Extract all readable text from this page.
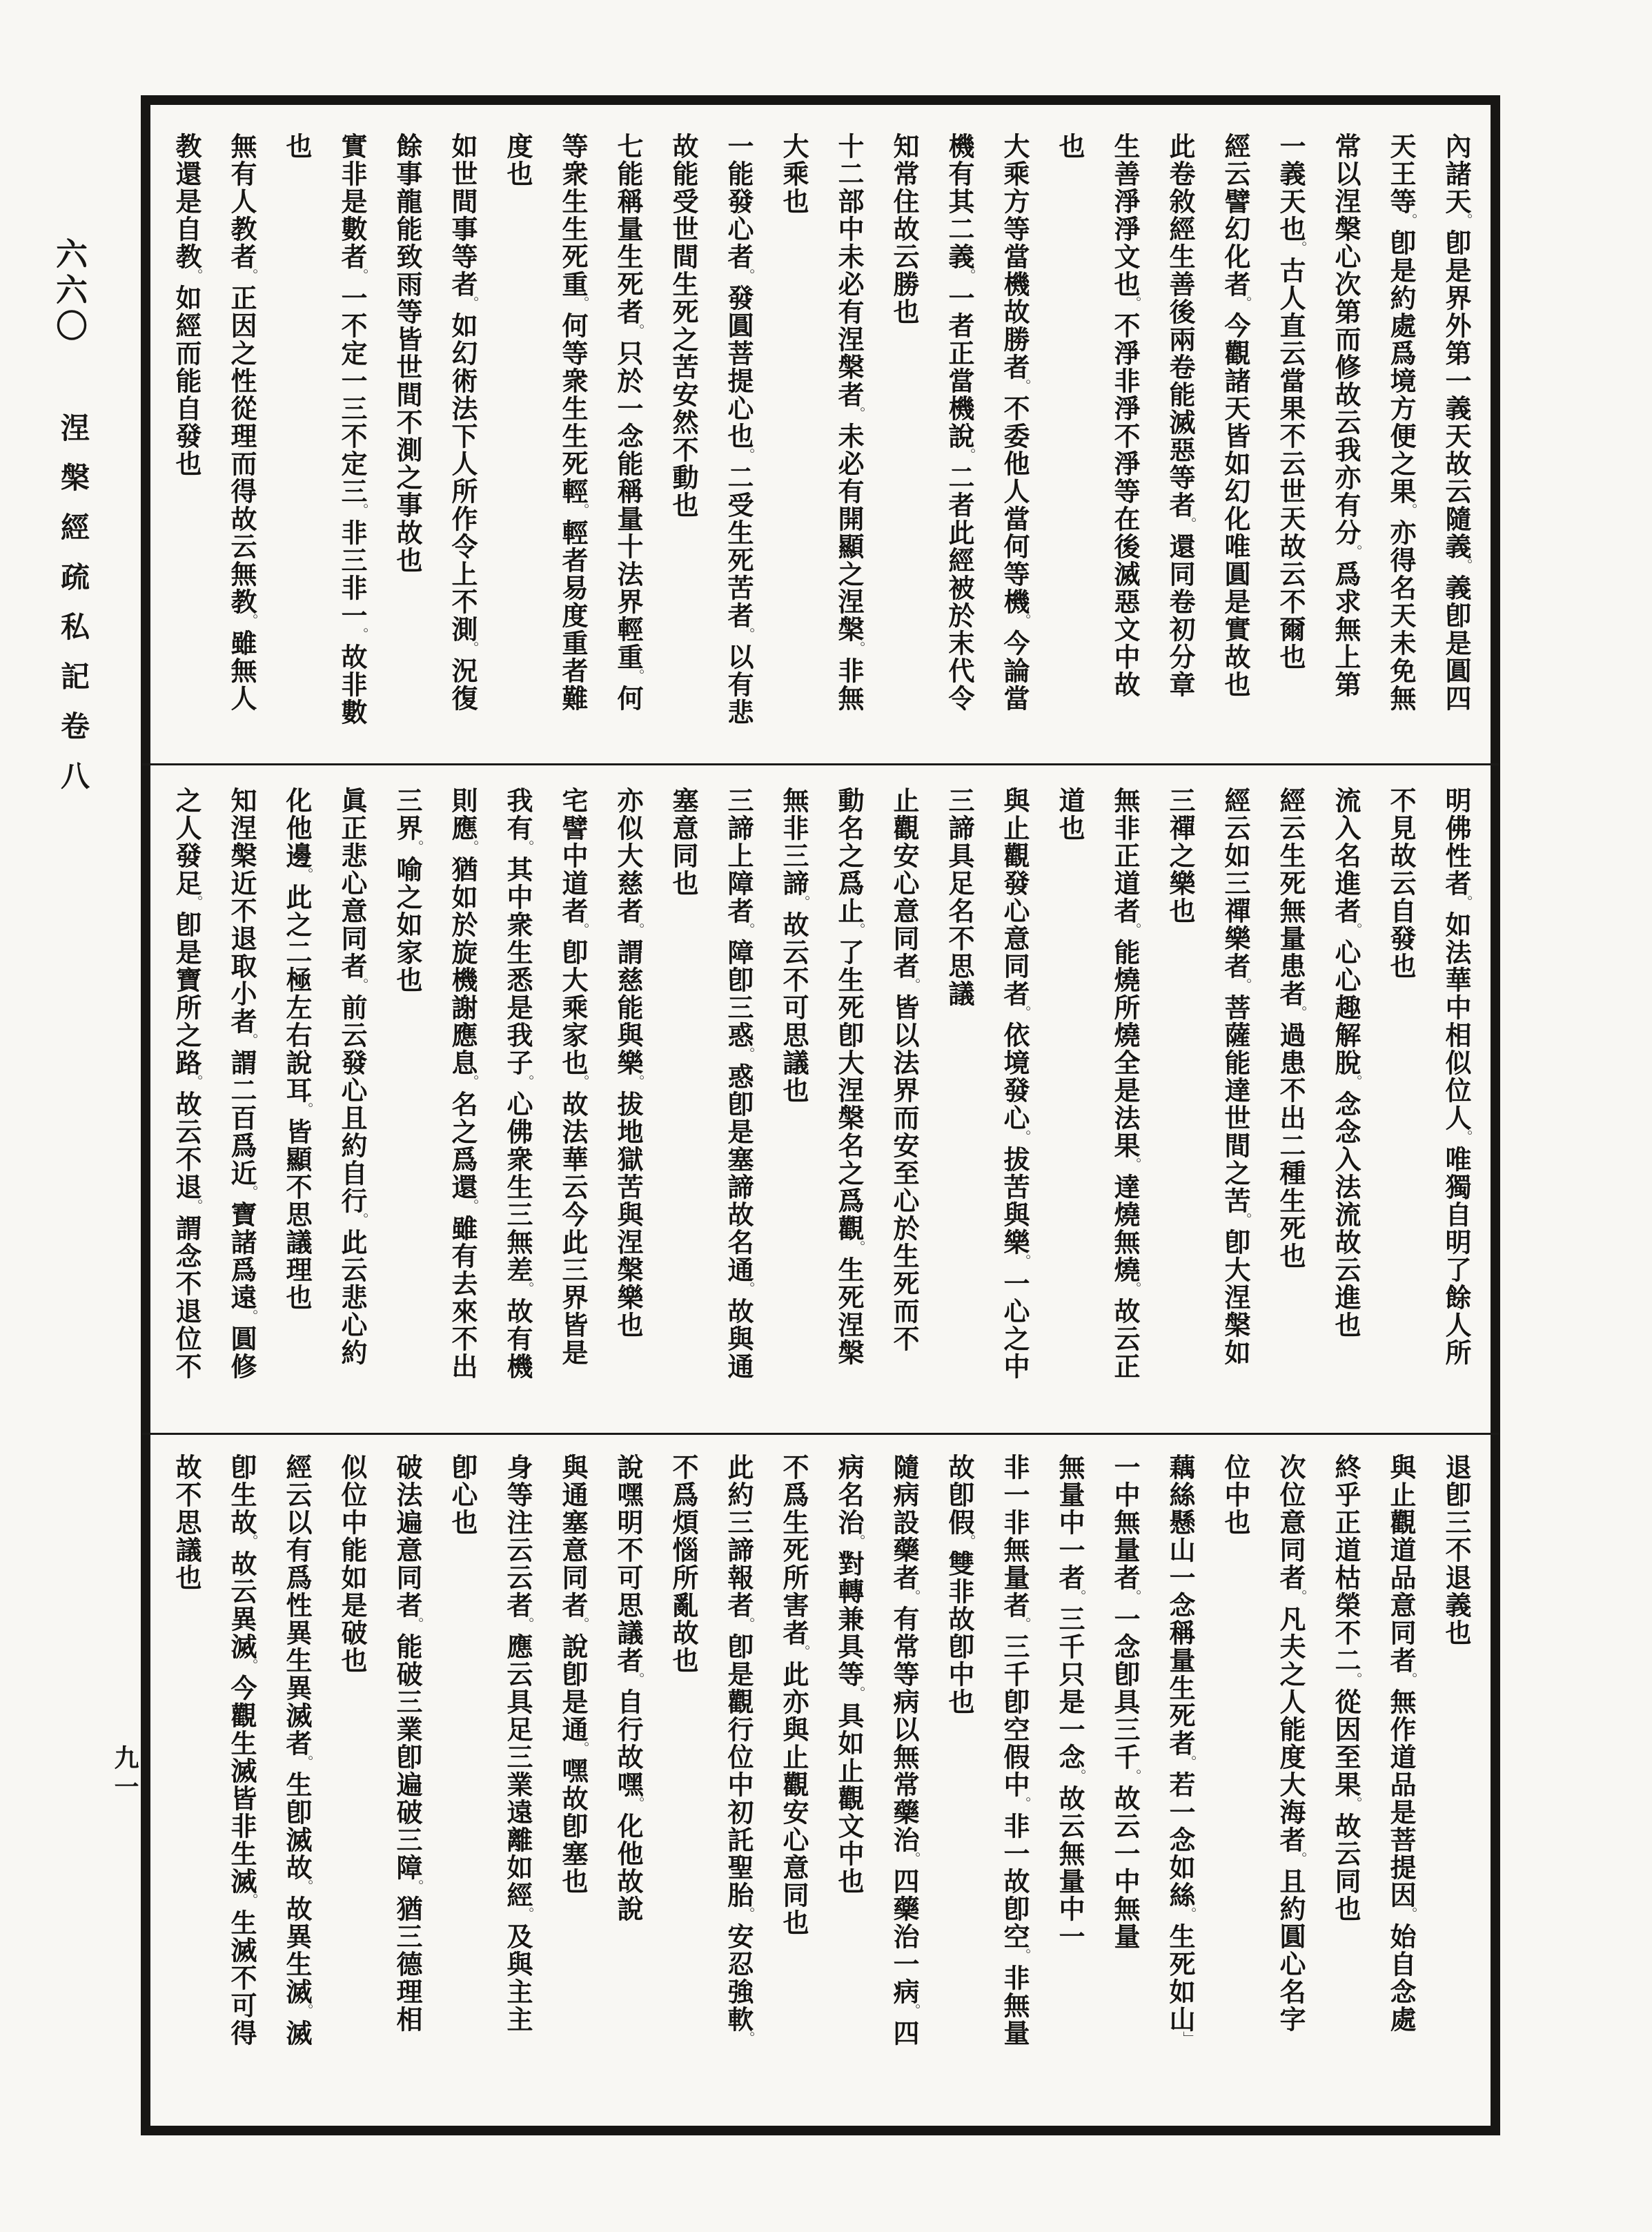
六六〇
涅槃經疏私記卷八
九一
內諸天。卽是界外第一義天故云隨義。義卽是圓四
天王等。卽是約處爲境方便之果。亦得名天未免無
常以涅槃心次第而修故云我亦有分。爲求無上第
一義天也。古人直云當果不云世天故云不爾也
經云譬幻化者。今觀諸天皆如幻化唯圓是實故也
此卷敘經生善後兩卷能滅惡等者。還同卷初分章
生善淨淨文也。不淨非淨不淨等在後滅惡文中故
也
大乘方等當機故勝者。不委他人當何等機。今論當
機有其二義。一者正當機說。二者此經被於末代令
知常住故云勝也
十二部中未必有涅槃者。未必有開顯之涅槃。非無
大乘也
一能發心者。發圓菩提心也。二受生死苦者。以有悲
故能受世間生死之苦安然不動也
七能稱量生死者。只於一念能稱量十法界輕重。何
等衆生生死重。何等衆生生死輕。輕者易度重者難
度也
如世間事等者。如幻術法下人所作令上不測。況復
餘事龍能致雨等皆世間不測之事故也
實非是數者。一不定一三不定三。非三非一。故非數
也
無有人教者。正因之性從理而得故云無教。雖無人
教還是自教。如經而能自發也
明佛性者。如法華中相似位人。唯獨自明了餘人所
不見故云自發也
流入名進者。心心趣解脫。念念入法流故云進也
經云生死無量患者。過患不出二種生死也
經云如三禪樂者。菩薩能達世間之苦。卽大涅槃如
三禪之樂也
無非正道者。能燒所燒全是法果。達燒無燒。故云正
道也
與止觀發心意同者。依境發心。拔苦與樂。一心之中
三諦具足名不思議
止觀安心意同者。皆以法界而安至心於生死而不
動名之爲止。了生死卽大涅槃名之爲觀。生死涅槃
無非三諦。故云不可思議也
三諦上障者。障卽三惑。惑卽是塞諦故名通。故與通
塞意同也
亦似大慈者。謂慈能與樂。拔地獄苦與涅槃樂也
宅譬中道者。卽大乘家也。故法華云今此三界皆是
我有。其中衆生悉是我子。心佛衆生三無差。故有機
則應。猶如於旋機謝應息。名之爲還。雖有去來不出
三界。喻之如家也
眞正悲心意同者。前云發心且約自行。此云悲心約
化他邊。此之二極左右說耳。皆顯不思議理也
知涅槃近不退取小者。謂二百爲近。寶諸爲遠。圓修
之人發足。卽是寶所之路。故云不退。謂念不退位不
退卽三不退義也
與止觀道品意同者。無作道品是菩提因。始自念處
終乎正道枯榮不二。從因至果。故云同也
次位意同者。凡夫之人能度大海者。且約圓心名字
位中也
藕絲懸山一念稱量生死者。若一念如絲。生死如山」
一中無量者。一念卽具三千。故云一中無量
無量中一者。三千只是一念。故云無量中一
非一非無量者。三千卽空假中。非一故卽空。非無量
故卽假。雙非故卽中也
隨病設藥者。有常等病以無常藥治。四藥治一病。四
病名治。對轉兼具等。具如止觀文中也
不爲生死所害者。此亦與止觀安心意同也
此約三諦報者。卽是觀行位中初託聖胎。安忍強軟。
不爲煩惱所亂故也
說嘿明不可思議者。自行故嘿。化他故說
與通塞意同者。說卽是通。嘿故卽塞也
身等注云云者。應云具足三業遠離如經。及與主主
卽心也
破法遍意同者。能破三業卽遍破三障。猶三德理相
似位中能如是破也
經云以有爲性異生異滅者。生卽滅故。故異生滅。滅
卽生故。故云異滅。今觀生滅皆非生滅。生滅不可得
故不思議也
